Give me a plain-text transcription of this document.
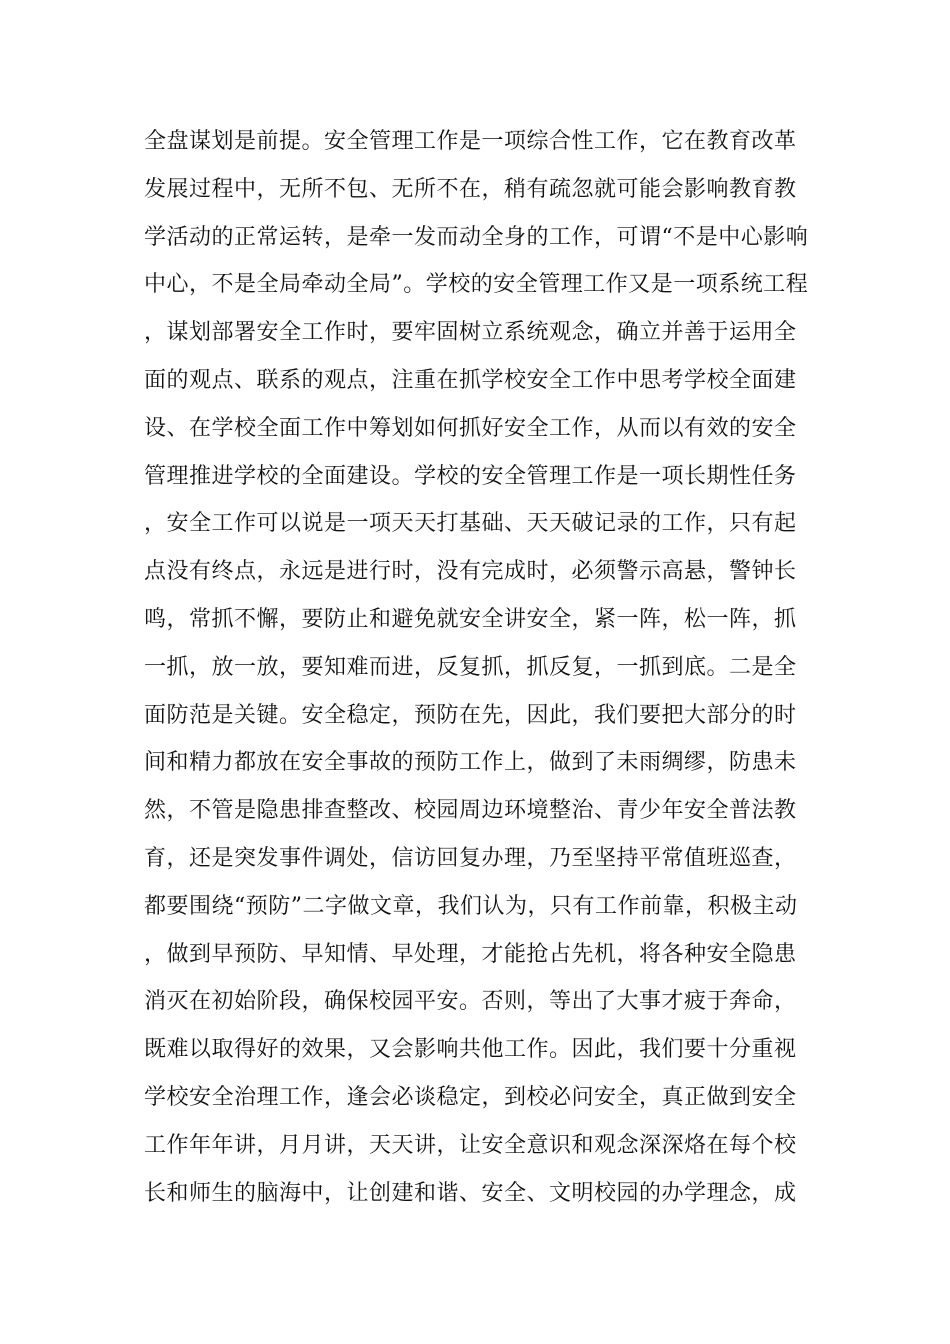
全盘谋划是前提。安全管理工作是一项综合性工作，它在教育改革
发展过程中，无所不包、无所不在，稍有疏忽就可能会影响教育教
学活动的正常运转，是牵一发而动全身的工作，可谓“不是中心影响
中心，不是全局牵动全局”。学校的安全管理工作又是一项系统工程
，谋划部署安全工作时，要牢固树立系统观念，确立并善于运用全
面的观点、联系的观点，注重在抓学校安全工作中思考学校全面建
设、在学校全面工作中筹划如何抓好安全工作，从而以有效的安全
管理推进学校的全面建设。学校的安全管理工作是一项长期性任务
，安全工作可以说是一项天天打基础、天天破记录的工作，只有起
点没有终点，永远是进行时，没有完成时，必须警示高悬，警钟长
鸣，常抓不懈，要防止和避免就安全讲安全，紧一阵，松一阵，抓
一抓，放一放，要知难而进，反复抓，抓反复，一抓到底。二是全
面防范是关键。安全稳定，预防在先，因此，我们要把大部分的时
间和精力都放在安全事故的预防工作上，做到了未雨绸缪，防患未
然，不管是隐患排查整改、校园周边环境整治、青少年安全普法教
育，还是突发事件调处，信访回复办理，乃至坚持平常值班巡查，
都要围绕“预防”二字做文章，我们认为，只有工作前靠，积极主动
，做到早预防、早知情、早处理，才能抢占先机，将各种安全隐患
消灭在初始阶段，确保校园平安。否则，等出了大事才疲于奔命，
既难以取得好的效果，又会影响共他工作。因此，我们要十分重视
学校安全治理工作，逢会必谈稳定，到校必问安全，真正做到安全
工作年年讲，月月讲，天天讲，让安全意识和观念深深烙在每个校
长和师生的脑海中，让创建和谐、安全、文明校园的办学理念，成
